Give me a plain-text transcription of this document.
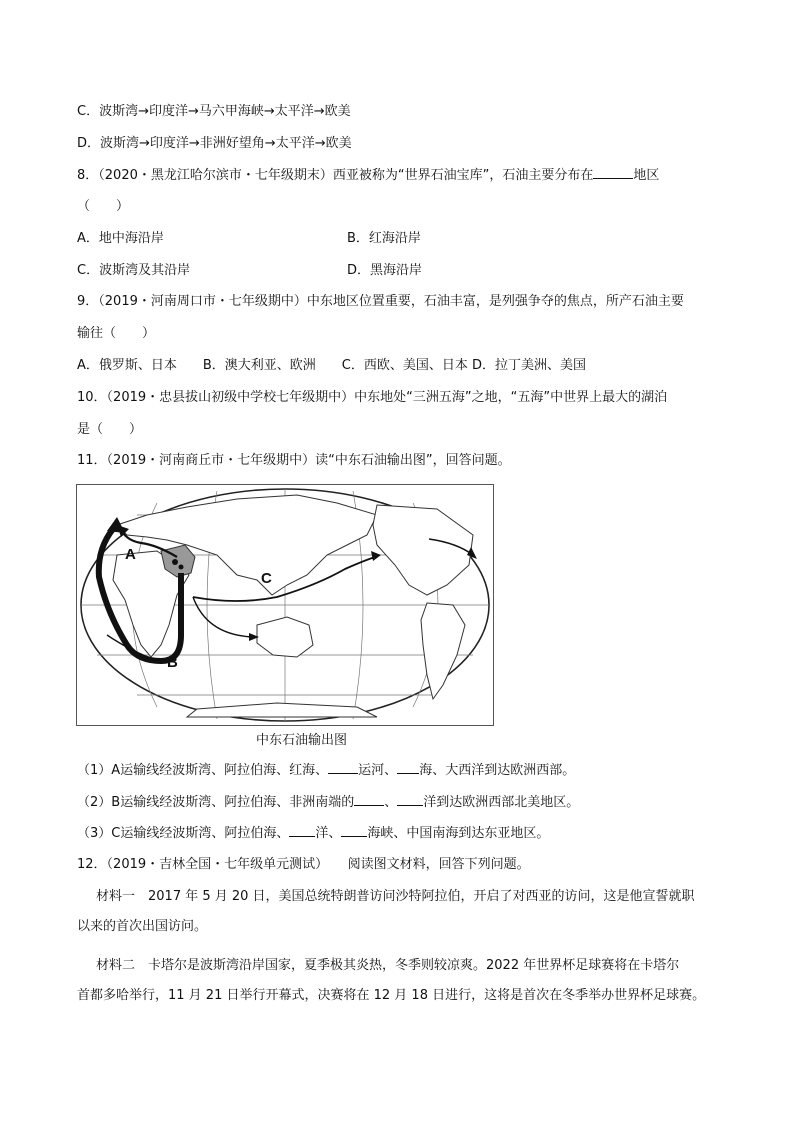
C．波斯湾→印度洋→马六甲海峡→太平洋→欧美
D．波斯湾→印度洋→非洲好望角→太平洋→欧美
8．（2020・黑龙江哈尔滨市・七年级期末）西亚被称为“世界石油宝库”，石油主要分布在	地区
（　　）
A．地中海沿岸	B．红海沿岸
C．波斯湾及其沿岸	D．黑海沿岸
9．（2019・河南周口市・七年级期中）中东地区位置重要，石油丰富，是列强争夺的焦点，所产石油主要
输往（　　）
A．俄罗斯、日本　　B．澳大利亚、欧洲　　C．西欧、美国、日本 D．拉丁美洲、美国
10．（2019・忠县拔山初级中学校七年级期中）中东地处“三洲五海”之地，“五海”中世界上最大的湖泊
是（　　）
11．（2019・河南商丘市・七年级期中）读“中东石油输出图”，回答问题。
A
B
C
中东石油输出图
（1）A运输线经波斯湾、阿拉伯海、红海、 运河、 海、大西洋到达欧洲西部。
（2）B运输线经波斯湾、阿拉伯海、非洲南端的 、 洋到达欧洲西部北美地区。
（3）C运输线经波斯湾、阿拉伯海、 洋、 海峡、中国南海到达东亚地区。
12．（2019・吉林全国・七年级单元测试）　　阅读图文材料，回答下列问题。
材料一　2017 年 5 月 20 日，美国总统特朗普访问沙特阿拉伯，开启了对西亚的访问，这是他宣誓就职
以来的首次出国访问。
材料二　卡塔尔是波斯湾沿岸国家，夏季极其炎热，冬季则较凉爽。2022 年世界杯足球赛将在卡塔尔
首都多哈举行，11 月 21 日举行开幕式，决赛将在 12 月 18 日进行，这将是首次在冬季举办世界杯足球赛。
